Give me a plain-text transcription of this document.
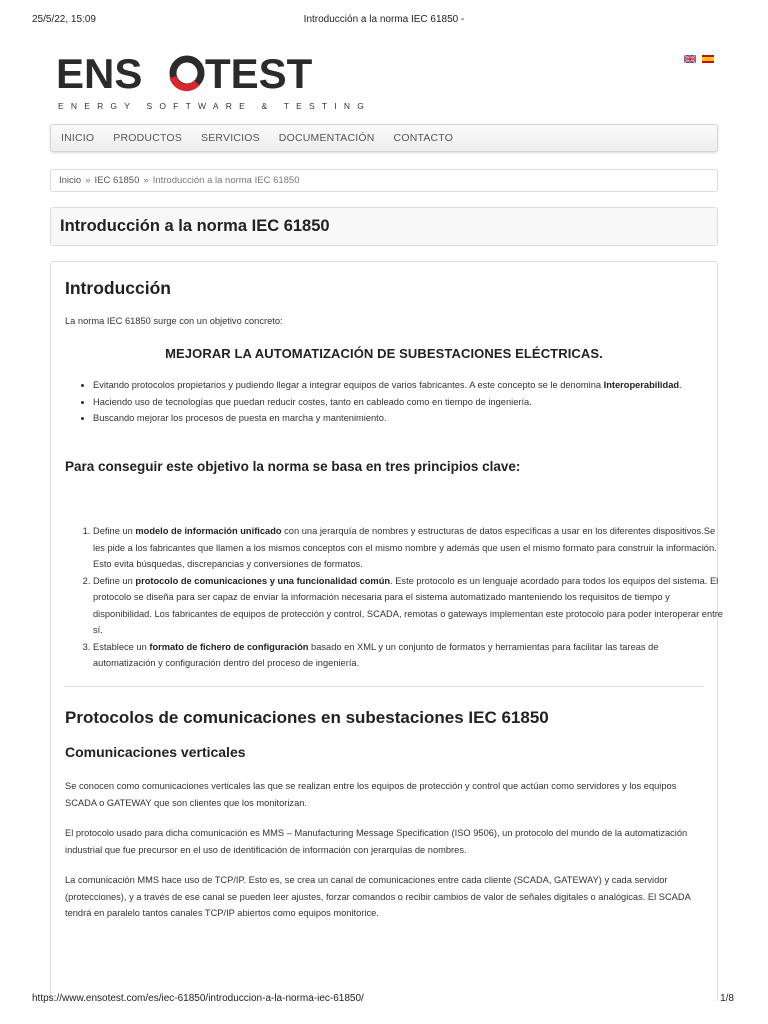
25/5/22, 15:09	Introducción a la norma IEC 61850 -
ENS TEST
ENERGY SOFTWARE & TESTING
INICIO PRODUCTOS SERVICIOS DOCUMENTACIÓN CONTACTO
Inicio » IEC 61850 » Introducción a la norma IEC 61850
Introducción a la norma IEC 61850
Introducción

La norma IEC 61850 surge con un objetivo concreto:

MEJORAR LA AUTOMATIZACIÓN DE SUBESTACIONES ELÉCTRICAS.
• Evitando protocolos propietarios y pudiendo llegar a integrar equipos de varios fabricantes. A este concepto se le denomina Interoperabilidad.
• Haciendo uso de tecnologías que puedan reducir costes, tanto en cableado como en tiempo de ingeniería.
• Buscando mejorar los procesos de puesta en marcha y mantenimiento.
Para conseguir este objetivo la norma se basa en tres principios clave:
1. Define un modelo de información unificado con una jerarquía de nombres y estructuras de datos específicas a usar en los diferentes dispositivos.Se les pide a los fabricantes que llamen a los mismos conceptos con el mismo nombre y además que usen el mismo formato para construir la información. Esto evita búsquedas, discrepancias y conversiones de formatos.
2. Define un protocolo de comunicaciones y una funcionalidad común. Este protocolo es un lenguaje acordado para todos los equipos del sistema. El protocolo se diseña para ser capaz de enviar la información necesaria para el sistema automatizado manteniendo los requisitos de tiempo y disponibilidad. Los fabricantes de equipos de protección y control, SCADA, remotas o gateways implementan este protocolo para poder interoperar entre sí.
3. Establece un formato de fichero de configuración basado en XML y un conjunto de formatos y herramientas para facilitar las tareas de automatización y configuración dentro del proceso de ingeniería.
Protocolos de comunicaciones en subestaciones IEC 61850
Comunicaciones verticales

Se conocen como comunicaciones verticales las que se realizan entre los equipos de protección y control que actúan como servidores y los equipos SCADA o GATEWAY que son clientes que los monitorizan.

El protocolo usado para dicha comunicación es MMS – Manufacturing Message Specification (ISO 9506), un protocolo del mundo de la automatización industrial que fue precursor en el uso de identificación de información con jerarquías de nombres.

La comunicación MMS hace uso de TCP/IP. Esto es, se crea un canal de comunicaciones entre cada cliente (SCADA, GATEWAY) y cada servidor (protecciones), y a través de ese canal se pueden leer ajustes, forzar comandos o recibir cambios de valor de señales digitales o analógicas. El SCADA tendrá en paralelo tantos canales TCP/IP abiertos como equipos monitorice.

https://www.ensotest.com/es/iec-61850/introduccion-a-la-norma-iec-61850/	1/8
